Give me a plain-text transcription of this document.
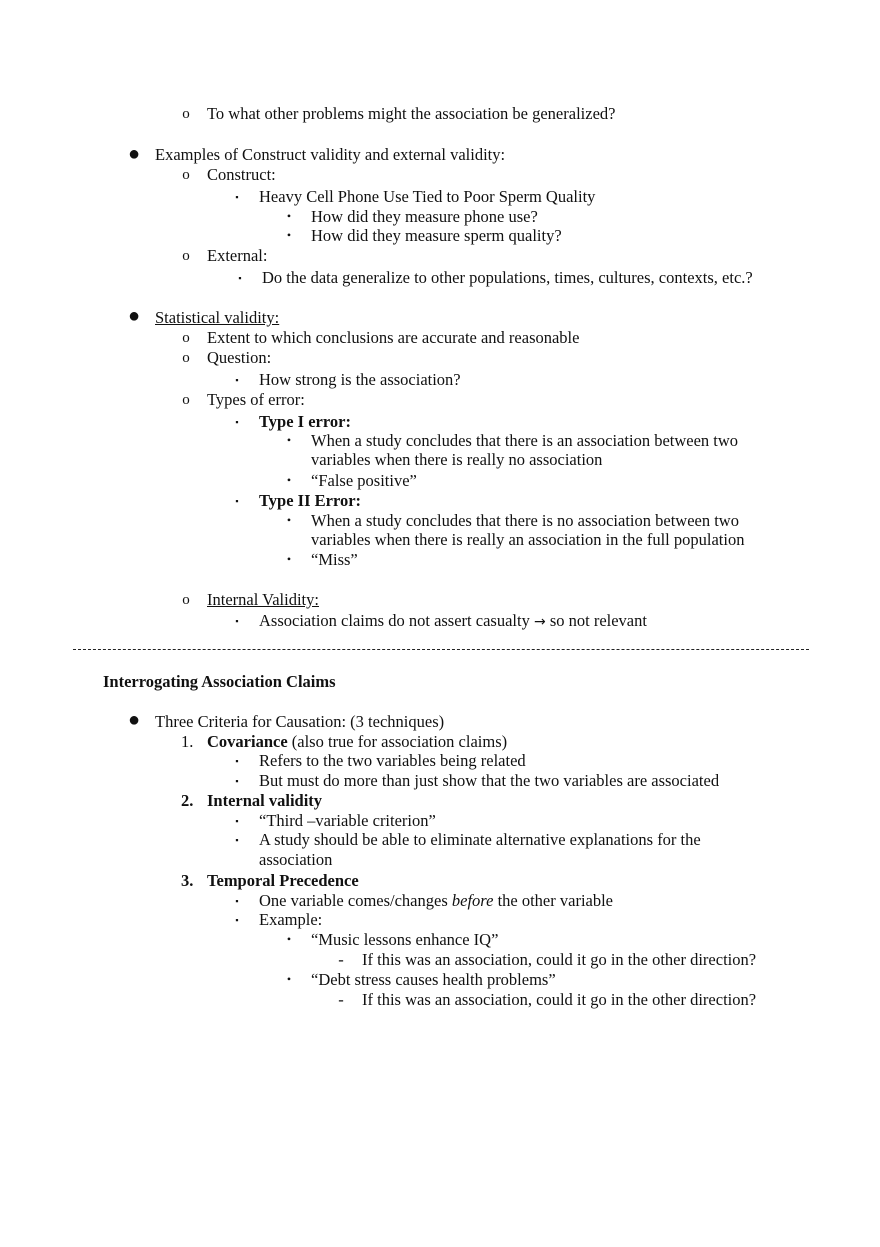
o To what other problems might the association be generalized?
● Examples of Construct validity and external validity:
o Construct:
▪	Heavy Cell Phone Use Tied to Poor Sperm Quality
•	How did they measure phone use?
•	How did they measure sperm quality?
o External:
▪	Do the data generalize to other populations, times, cultures, contexts, etc.?
● Statistical validity:
o Extent to which conclusions are accurate and reasonable
o Question:
▪	How strong is the association?
o Types of error:
▪	Type I error:
•	When a study concludes that there is an association between two
variables when there is really no association
•	“False positive”
▪	Type II Error:
•	When a study concludes that there is no association between two
variables when there is really an association in the full population
•	“Miss”
o Internal Validity:
▪	Association claims do not assert casualty → so not relevant
Interrogating Association Claims
● Three Criteria for Causation: (3 techniques)
1. Covariance (also true for association claims)
▪	Refers to the two variables being related
▪	But must do more than just show that the two variables are associated
2. Internal validity
▪	“Third –variable criterion”
▪	A study should be able to eliminate alternative explanations for the
association
3. Temporal Precedence
▪	One variable comes/changes before the other variable
▪	Example:
•	“Music lessons enhance IQ”
-	If this was an association, could it go in the other direction?
•	“Debt stress causes health problems”
-	If this was an association, could it go in the other direction?
